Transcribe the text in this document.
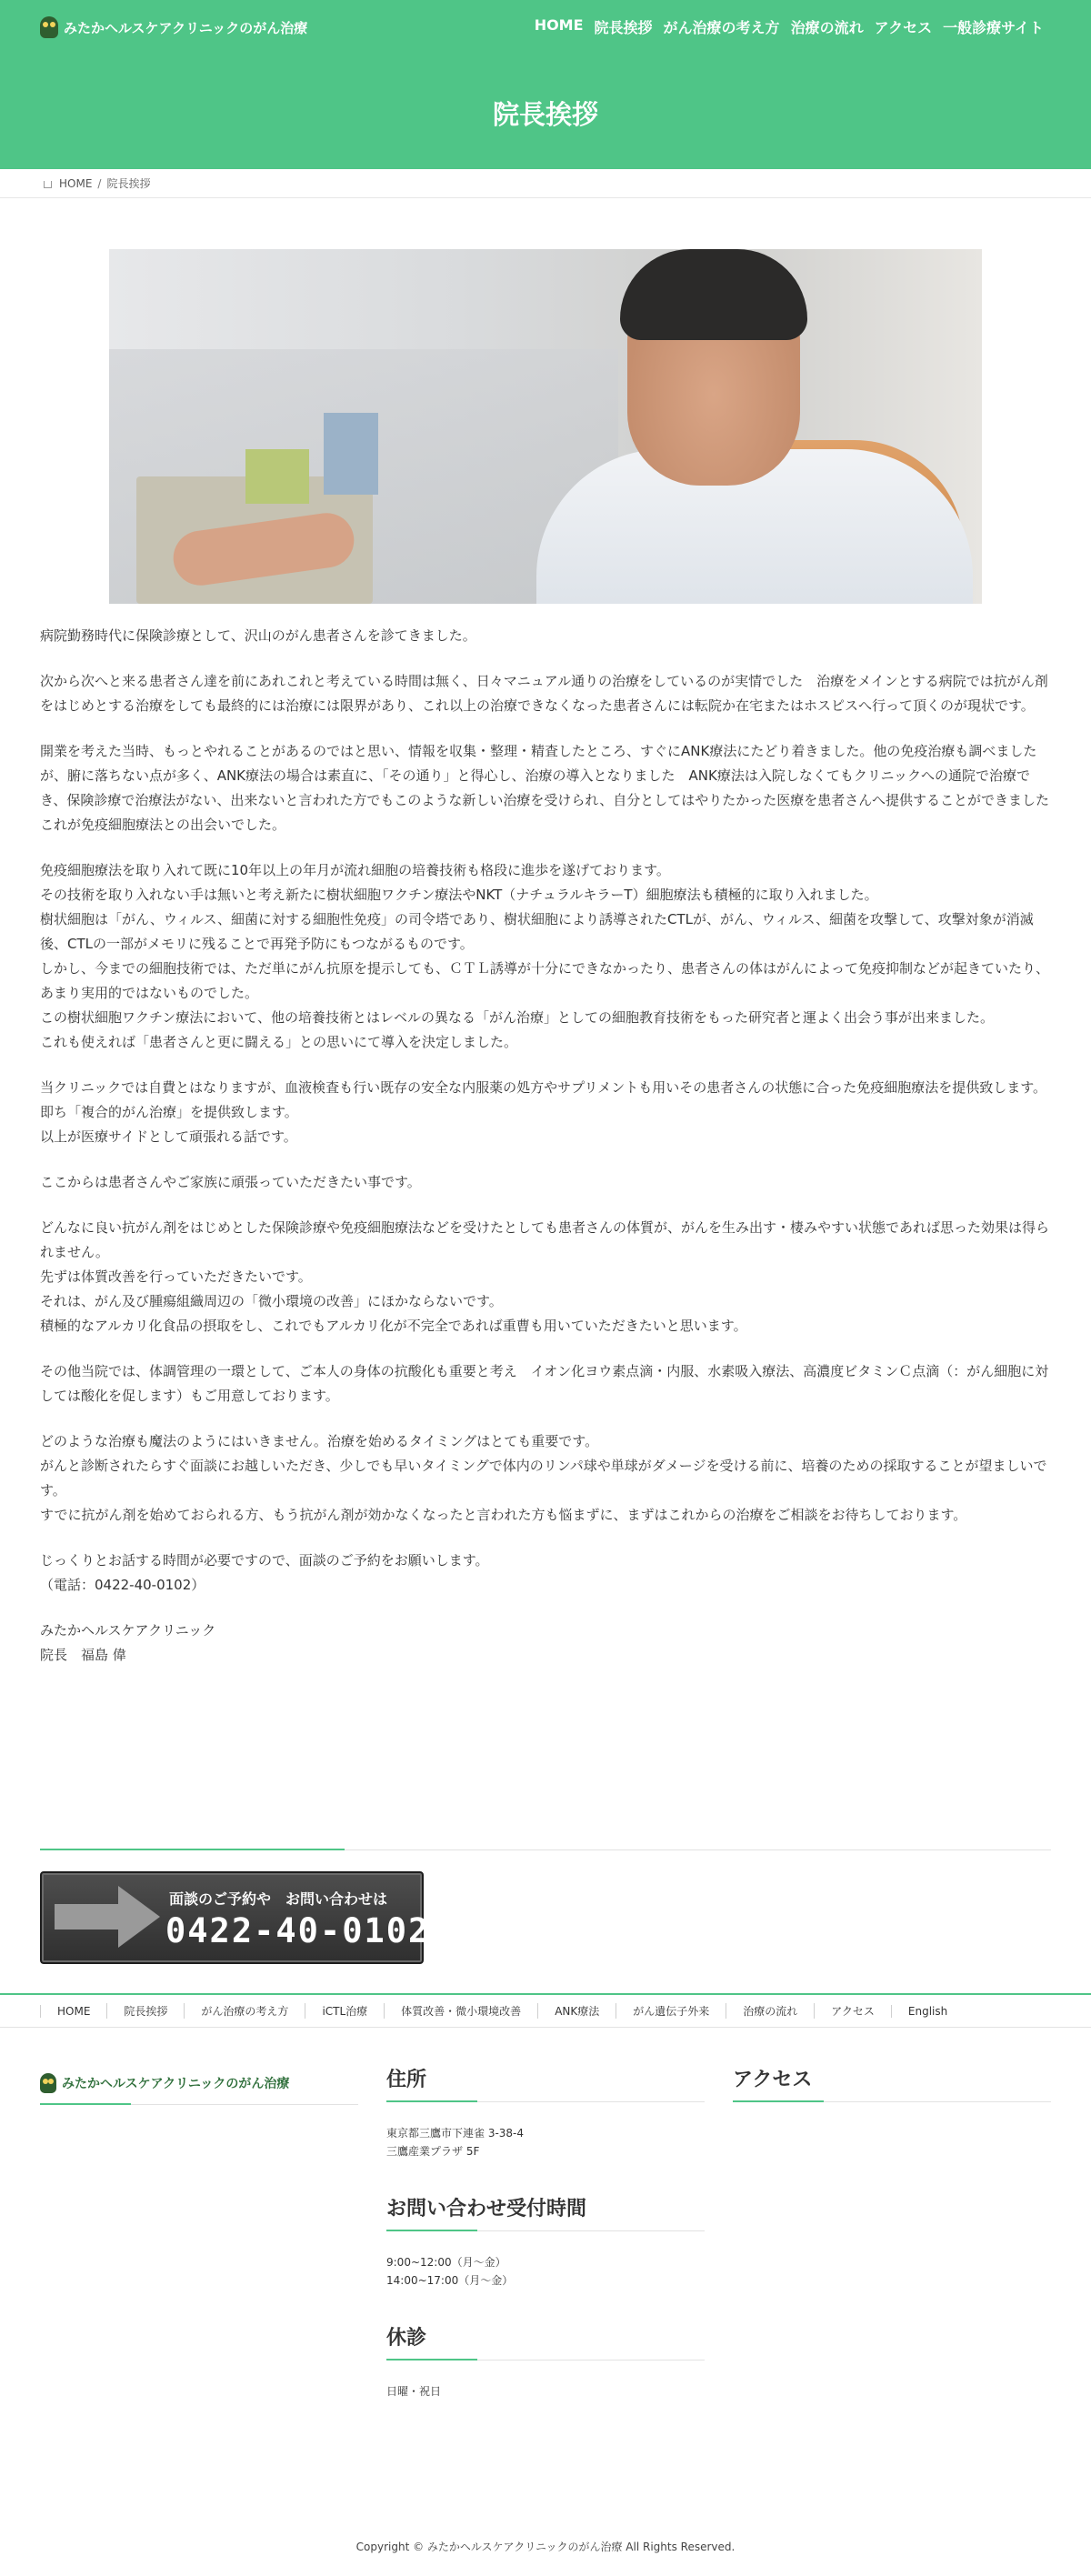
みたかヘルスケアクリニックのがん治療	HOME 院長挨拶 がん治療の考え方 治療の流れ アクセス 一般診療サイト
院長挨拶
HOME / 院長挨拶

病院勤務時代に保険診療として、沢山のがん患者さんを診てきました。

次から次へと来る患者さん達を前にあれこれと考えている時間は無く、日々マニュアル通りの治療をしているのが実情でした　治療をメインとする病院では抗がん剤をはじめとする治療をしても最終的には治療には限界があり、これ以上の治療できなくなった患者さんには転院か在宅またはホスピスへ行って頂くのが現状です。

開業を考えた当時、もっとやれることがあるのではと思い、情報を収集・整理・精査したところ、すぐにANK療法にたどり着きました。他の免疫治療も調べましたが、腑に落ちない点が多く、ANK療法の場合は素直に、「その通り」と得心し、治療の導入となりました　ANK療法は入院しなくてもクリニックへの通院で治療でき、保険診療で治療法がない、出来ないと言われた方でもこのような新しい治療を受けられ、自分としてはやりたかった医療を患者さんへ提供することができました　これが免疫細胞療法との出会いでした。

免疫細胞療法を取り入れて既に10年以上の年月が流れ細胞の培養技術も格段に進歩を遂げております。
その技術を取り入れない手は無いと考え新たに樹状細胞ワクチン療法やNKT（ナチュラルキラーT）細胞療法も積極的に取り入れました。
樹状細胞は「がん、ウィルス、細菌に対する細胞性免疫」の司令塔であり、樹状細胞により誘導されたCTLが、がん、ウィルス、細菌を攻撃して、攻撃対象が消滅後、CTLの一部がメモリに残ることで再発予防にもつながるものです。
しかし、今までの細胞技術では、ただ単にがん抗原を提示しても、ＣＴＬ誘導が十分にできなかったり、患者さんの体はがんによって免疫抑制などが起きていたり、あまり実用的ではないものでした。
この樹状細胞ワクチン療法において、他の培養技術とはレベルの異なる「がん治療」としての細胞教育技術をもった研究者と運よく出会う事が出来ました。
これも使えれば「患者さんと更に闘える」との思いにて導入を決定しました。

当クリニックでは自費とはなりますが、血液検査も行い既存の安全な内服薬の処方やサプリメントも用いその患者さんの状態に合った免疫細胞療法を提供致します。
即ち「複合的がん治療」を提供致します。
以上が医療サイドとして頑張れる話です。

ここからは患者さんやご家族に頑張っていただきたい事です。

どんなに良い抗がん剤をはじめとした保険診療や免疫細胞療法などを受けたとしても患者さんの体質が、がんを生み出す・棲みやすい状態であれば思った効果は得られません。
先ずは体質改善を行っていただきたいです。
それは、がん及び腫瘍組織周辺の「微小環境の改善」にほかならないです。
積極的なアルカリ化食品の摂取をし、これでもアルカリ化が不完全であれば重曹も用いていただきたいと思います。

その他当院では、体調管理の一環として、ご本人の身体の抗酸化も重要と考え　イオン化ヨウ素点滴・内服、水素吸入療法、高濃度ビタミンＣ点滴（：がん細胞に対しては酸化を促します）もご用意しております。

どのような治療も魔法のようにはいきません。治療を始めるタイミングはとても重要です。
がんと診断されたらすぐ面談にお越しいただき、少しでも早いタイミングで体内のリンパ球や単球がダメージを受ける前に、培養のための採取することが望ましいです。
すでに抗がん剤を始めておられる方、もう抗がん剤が効かなくなったと言われた方も悩まずに、まずはこれからの治療をご相談をお待ちしております。

じっくりとお話する時間が必要ですので、面談のご予約をお願いします。
（電話：0422-40-0102）

みたかヘルスケアクリニック
院長　福島 偉

面談のご予約や　お問い合わせは
0422-40-0102
HOME	院長挨拶	がん治療の考え方	iCTL治療	体質改善・微小環境改善	ANK療法	がん遺伝子外来	治療の流れ	アクセス	English
みたかヘルスケアクリニックのがん治療	住所
東京都三鷹市下連雀 3-38-4
三鷹産業プラザ 5F
お問い合わせ受付時間
9:00~12:00（月〜金）
14:00~17:00（月〜金）
休診
日曜・祝日
アクセス
Copyright © みたかヘルスケアクリニックのがん治療 All Rights Reserved.
